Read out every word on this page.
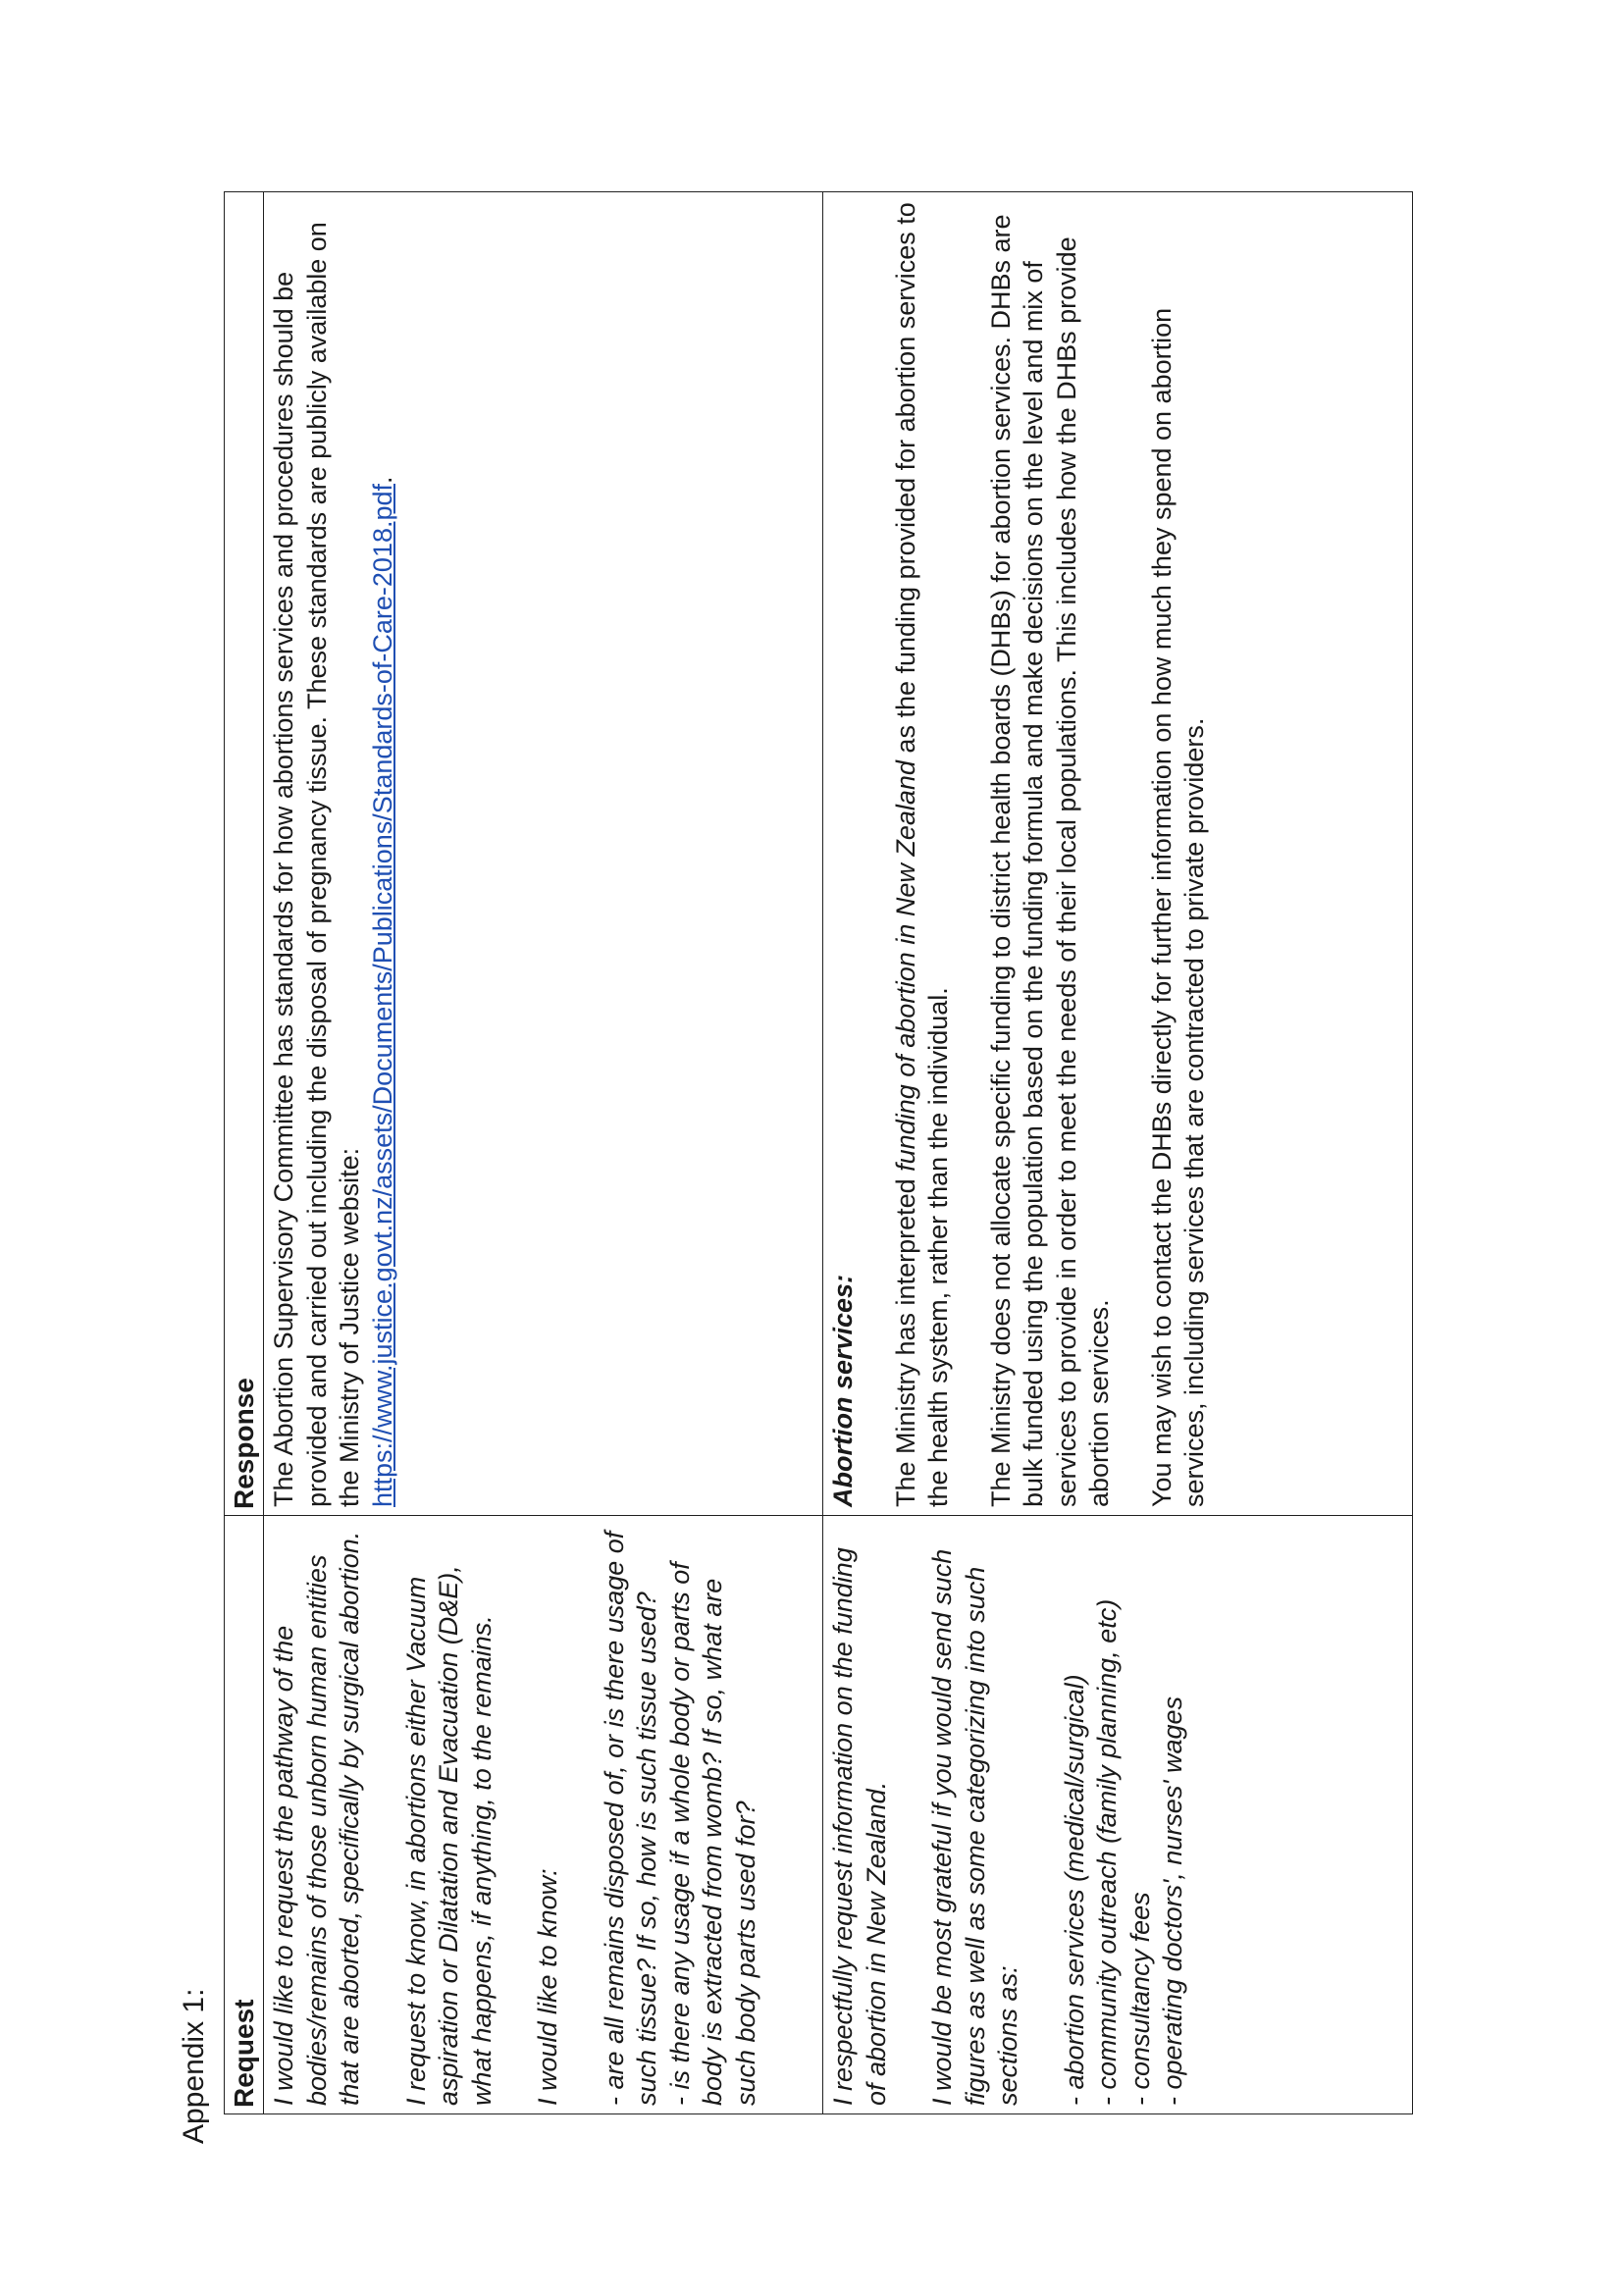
Appendix 1: Request
Response

I would like to request the pathway of the bodies/remains of those unborn human entities that are aborted, specifically by surgical abortion. I request to know, in abortions either Vacuum aspiration or Dilatation and Evacuation (D&E), what happens, if anything, to the remains. I would like to know: - are all remains disposed of, or is there usage of such tissue? If so, how is such tissue used? - is there any usage if a whole body or parts of body is extracted from womb? If so, what are such body parts used for?

The Abortion Supervisory Committee has standards for how abortions services and procedures should be provided and carried out including the disposal of pregnancy tissue. These standards are publicly available on the Ministry of Justice website: https://www.justice.govt.nz/assets/Documents/Publications/Standards-of-Care-2018.pdf.

I respectfully request information on the funding of abortion in New Zealand. I would be most grateful if you would send such figures as well as some categorizing into such sections as: - abortion services (medical/surgical) - community outreach (family planning, etc) - consultancy fees - operating doctors', nurses' wages

Abortion services: The Ministry has interpreted funding of abortion in New Zealand as the funding provided for abortion services to the health system, rather than the individual. The Ministry does not allocate specific funding to district health boards (DHBs) for abortion services. DHBs are bulk funded using the population based on the funding formula and make decisions on the level and mix of services to provide in order to meet the needs of their local populations. This includes how the DHBs provide abortion services. You may wish to contact the DHBs directly for further information on how much they spend on abortion services, including services that are contracted to private providers.
